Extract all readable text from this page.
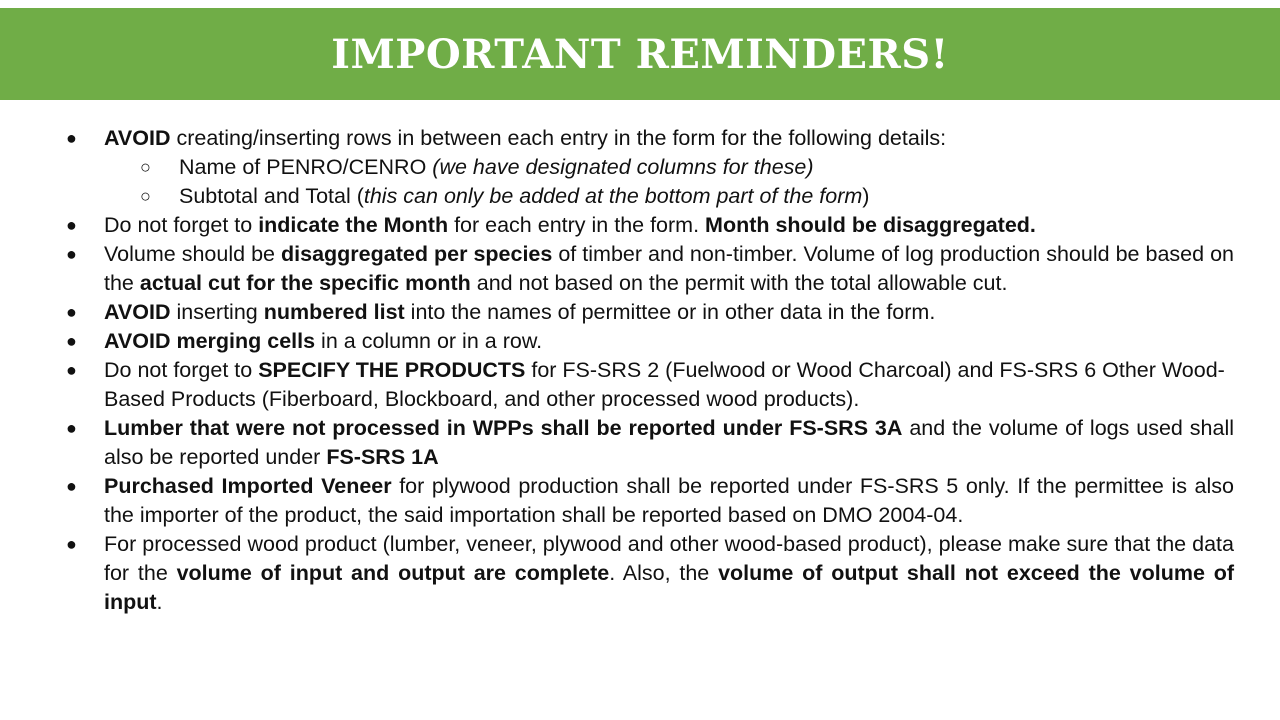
IMPORTANT REMINDERS!
● AVOID creating/inserting rows in between each entry in the form for the following details:
○ Name of PENRO/CENRO (we have designated columns for these)
○ Subtotal and Total (this can only be added at the bottom part of the form)
● Do not forget to indicate the Month for each entry in the form. Month should be disaggregated.
● Volume should be disaggregated per species of timber and non-timber. Volume of log production should be based on the actual cut for the specific month and not based on the permit with the total allowable cut.
● AVOID inserting numbered list into the names of permittee or in other data in the form.
● AVOID merging cells in a column or in a row.
● Do not forget to SPECIFY THE PRODUCTS for FS-SRS 2 (Fuelwood or Wood Charcoal) and FS-SRS 6 Other Wood-Based Products (Fiberboard, Blockboard, and other processed wood products).
● Lumber that were not processed in WPPs shall be reported under FS-SRS 3A and the volume of logs used shall also be reported under FS-SRS 1A
● Purchased Imported Veneer for plywood production shall be reported under FS-SRS 5 only. If the permittee is also the importer of the product, the said importation shall be reported based on DMO 2004-04.
● For processed wood product (lumber, veneer, plywood and other wood-based product), please make sure that the data for the volume of input and output are complete. Also, the volume of output shall not exceed the volume of input.
